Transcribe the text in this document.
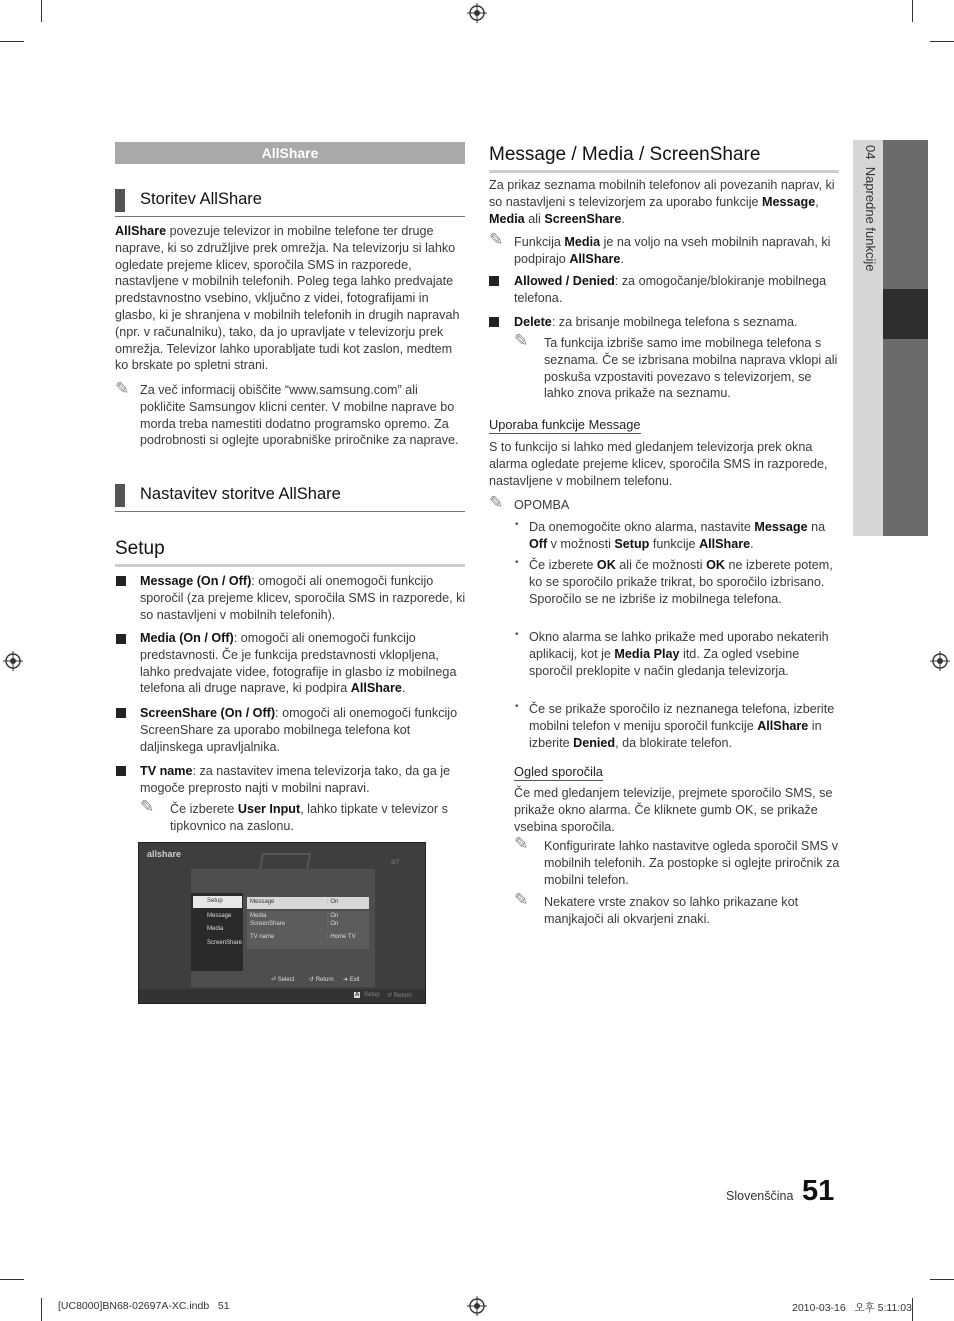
04  Napredne funkcije
AllShare
Storitev AllShare

AllShare povezuje televizor in mobilne telefone ter druge naprave, ki so združljive prek omrežja. Na televizorju si lahko ogledate prejeme klicev, sporočila SMS in razporede, nastavljene v mobilnih telefonih. Poleg tega lahko predvajate predstavnostno vsebino, vključno z videi, fotografijami in glasbo, ki je shranjena v mobilnih telefonih in drugih napravah (npr. v računalniku), tako, da jo upravljate v televizorju prek omrežja. Televizor lahko uporabljate tudi kot zaslon, medtem ko brskate po spletni strani.

✎ Za več informacij obiščite “www.samsung.com” ali pokličite Samsungov klicni center. V mobilne naprave bo morda treba namestiti dodatno programsko opremo. Za podrobnosti si oglejte uporabniške priročnike za naprave.

Nastavitev storitve AllShare
Setup

Message (On / Off): omogoči ali onemogoči funkcijo sporočil (za prejeme klicev, sporočila SMS in razporede, ki so nastavljeni v mobilnih telefonih).

Media (On / Off): omogoči ali onemogoči funkcijo predstavnosti. Če je funkcija predstavnosti vklopljena, lahko predvajate videe, fotografije in glasbo iz mobilnega telefona ali druge naprave, ki podpira AllShare.

ScreenShare (On / Off): omogoči ali onemogoči funkcijo ScreenShare za uporabo mobilnega telefona kot daljinskega upravljalnika.

TV name: za nastavitev imena televizorja tako, da ga je mogoče preprosto najti v mobilni napravi.

✎ Če izberete User Input, lahko tipkate v televizor s tipkovnico na zaslonu.

allshare
3/7
Setup
Message
Media
ScreenShare
Message	: On
Media	: On
ScreenShare	: On
TV name	: Home TV
⏎ Select ↺ Return ➜ Exit
A Setup ↺ Return
Message / Media / ScreenShare

Za prikaz seznama mobilnih telefonov ali povezanih naprav, ki so nastavljeni s televizorjem za uporabo funkcije Message, Media ali ScreenShare.

✎ Funkcija Media je na voljo na vseh mobilnih napravah, ki podpirajo AllShare.

Allowed / Denied: za omogočanje/blokiranje mobilnega telefona.

Delete: za brisanje mobilnega telefona s seznama.

✎ Ta funkcija izbriše samo ime mobilnega telefona s seznama. Če se izbrisana mobilna naprava vklopi ali poskuša vzpostaviti povezavo s televizorjem, se lahko znova prikaže na seznamu.

Uporaba funkcije Message

S to funkcijo si lahko med gledanjem televizorja prek okna alarma ogledate prejeme klicev, sporočila SMS in razporede, nastavljene v mobilnem telefonu.

✎ OPOMBA

• Da onemogočite okno alarma, nastavite Message na Off v možnosti Setup funkcije AllShare.

• Če izberete OK ali če možnosti OK ne izberete potem, ko se sporočilo prikaže trikrat, bo sporočilo izbrisano. Sporočilo se ne izbriše iz mobilnega telefona.

• Okno alarma se lahko prikaže med uporabo nekaterih aplikacij, kot je Media Play itd. Za ogled vsebine sporočil preklopite v način gledanja televizorja.

• Če se prikaže sporočilo iz neznanega telefona, izberite mobilni telefon v meniju sporočil funkcije AllShare in izberite Denied, da blokirate telefon.

Ogled sporočila

Če med gledanjem televizije, prejmete sporočilo SMS, se prikaže okno alarma. Če kliknete gumb OK, se prikaže vsebina sporočila.

✎ Konfigurirate lahko nastavitve ogleda sporočil SMS v mobilnih telefonih. Za postopke si oglejte priročnik za mobilni telefon.

✎ Nekatere vrste znakov so lahko prikazane kot manjkajoči ali okvarjeni znaki.

Slovenščina 51
[UC8000]BN68-02697A-XC.indb   51	2010-03-16   오후 5:11:03
